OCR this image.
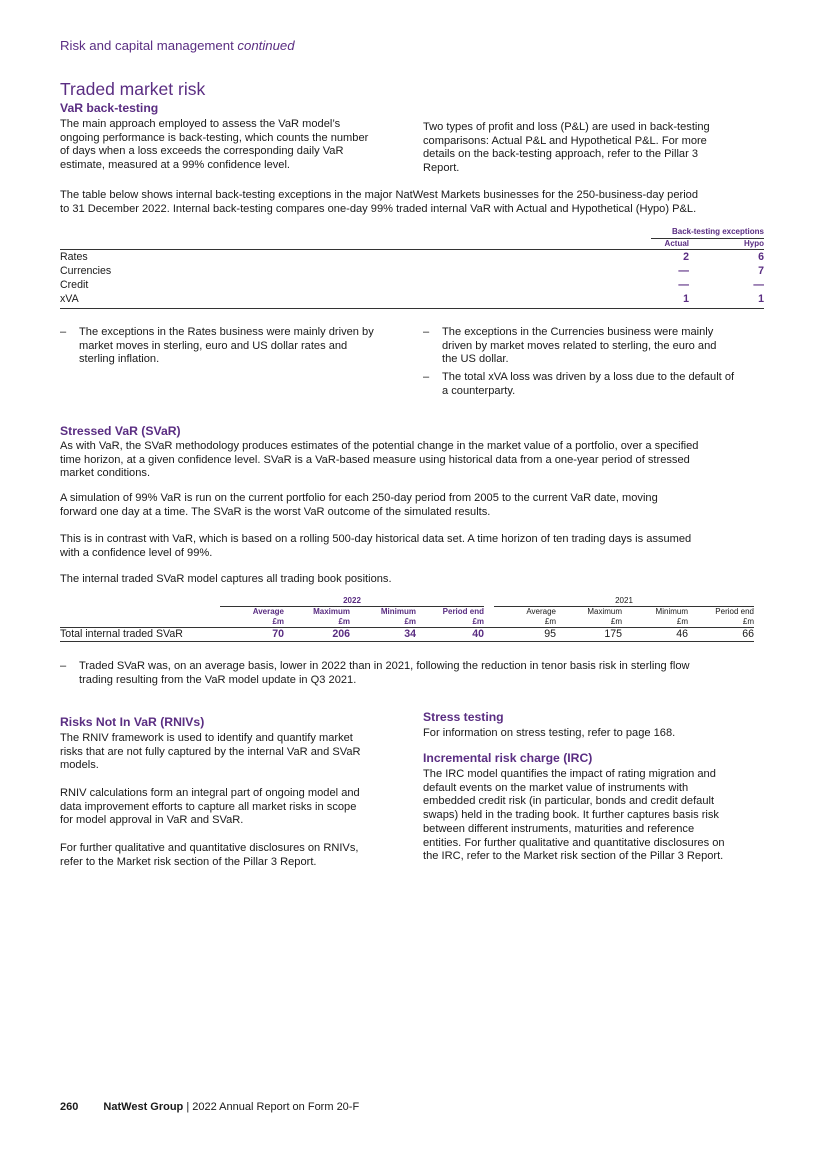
Risk and capital management continued
Traded market risk
VaR back-testing

The main approach employed to assess the VaR model’s

ongoing performance is back-testing, which counts the number

of days when a loss exceeds the corresponding daily VaR

estimate, measured at a 99% confidence level.

Two types of profit and loss (P&L) are used in back-testing

comparisons: Actual P&L and Hypothetical P&L. For more

details on the back-testing approach, refer to the Pillar 3

Report.

The table below shows internal back-testing exceptions in the major NatWest Markets businesses for the 250-business-day period

to 31 December 2022. Internal back-testing compares one-day 99% traded internal VaR with Actual and Hypothetical (Hypo) P&L.

Back-testing exceptions
Actual	Hypo
Rates	2	6
Currencies	—	7
Credit	—	—
xVA	1	1
– The exceptions in the Rates business were mainly driven by

market moves in sterling, euro and US dollar rates and

sterling inflation.

– The exceptions in the Currencies business were mainly

driven by market moves related to sterling, the euro and

the US dollar.

– The total xVA loss was driven by a loss due to the default of

a counterparty.

Stressed VaR (SVaR)

As with VaR, the SVaR methodology produces estimates of the potential change in the market value of a portfolio, over a specified

time horizon, at a given confidence level. SVaR is a VaR-based measure using historical data from a one-year period of stressed

market conditions.

A simulation of 99% VaR is run on the current portfolio for each 250-day period from 2005 to the current VaR date, moving

forward one day at a time. The SVaR is the worst VaR outcome of the simulated results.

This is in contrast with VaR, which is based on a rolling 500-day historical data set. A time horizon of ten trading days is assumed

with a confidence level of 99%.

The internal traded SVaR model captures all trading book positions.
2022	2021
Average	Maximum	Minimum	Period end
£m	£m	£m	£m
Average	Maximum	Minimum	Period end
£m	£m	£m	£m
Total internal traded SVaR	70	206	34	40	95	175	46	66
– Traded SVaR was, on an average basis, lower in 2022 than in 2021, following the reduction in tenor basis risk in sterling flow

trading resulting from the VaR model update in Q3 2021.

Risks Not In VaR (RNIVs)

The RNIV framework is used to identify and quantify market

risks that are not fully captured by the internal VaR and SVaR

models.

RNIV calculations form an integral part of ongoing model and

data improvement efforts to capture all market risks in scope

for model approval in VaR and SVaR.

For further qualitative and quantitative disclosures on RNIVs,

refer to the Market risk section of the Pillar 3 Report.

Stress testing
For information on stress testing, refer to page 168.
Incremental risk charge (IRC)

The IRC model quantifies the impact of rating migration and

default events on the market value of instruments with

embedded credit risk (in particular, bonds and credit default

swaps) held in the trading book. It further captures basis risk

between different instruments, maturities and reference

entities. For further qualitative and quantitative disclosures on

the IRC, refer to the Market risk section of the Pillar 3 Report.

260 NatWest Group | 2022 Annual Report on Form 20-F
